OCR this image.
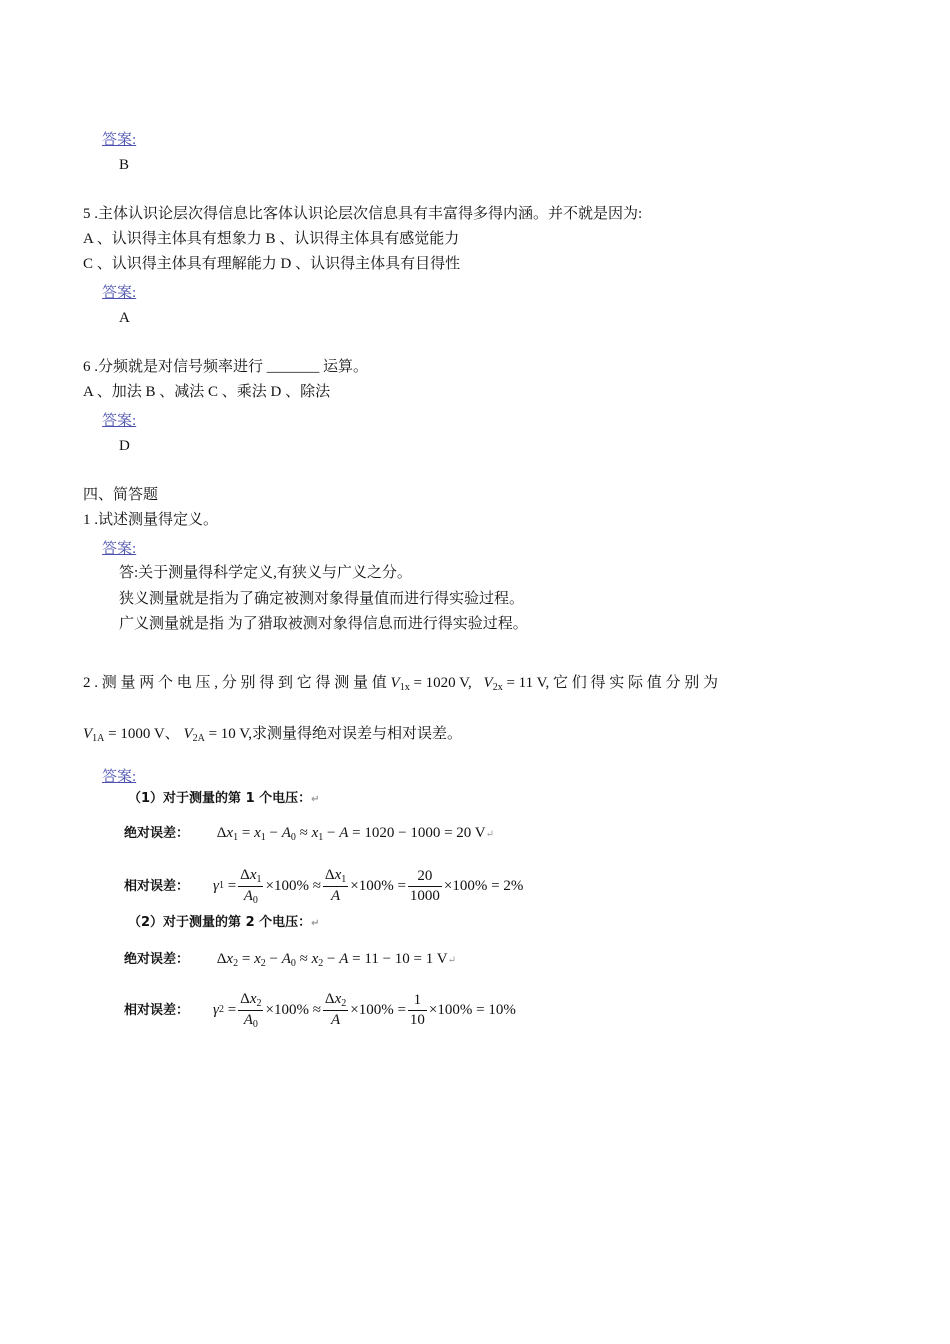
答案:
B
5 .主体认识论层次得信息比客体认识论层次信息具有丰富得多得内涵。并不就是因为:
A 、认识得主体具有想象力 B 、认识得主体具有感觉能力
C 、认识得主体具有理解能力 D 、认识得主体具有目得性
答案:
A
6 .分频就是对信号频率进行 _______ 运算。
A 、加法 B 、减法 C 、乘法 D 、除法
答案:
D
四、简答题
1 .试述测量得定义。
答案:
答:关于测量得科学定义,有狭义与广义之分。
狭义测量就是指为了确定被测对象得量值而进行得实验过程。
广义测量就是指 为了猎取被测对象得信息而进行得实验过程。
2 . 测 量 两 个 电 压 , 分 别 得 到 它 得 测 量 值 $V_{1x} = 1020$ V, $V_{2x} = 11$ V, 它 们 得 实 际 值 分 别 为
$V_{1A} = 1000$ V、 $V_{2A} = 10$ V,求测量得绝对误差与相对误差。
答案:
（1）对于测量的第 1 个电压：↵
绝对误差： $\Delta x_1 = x_1 - A_0 \approx x_1 - A = 1020 - 1000 = 20$ V↵
相对误差： γ $1 = \frac{\Delta x_1}{A_0} \times 100\% \approx \frac{\Delta x_1}{A} \times 100\% = \frac{20}{1000} \times 100\% = 2\%$
（2）对于测量的第 2 个电压：↵
绝对误差： $\Delta x_2 = x_2 - A_0 \approx x_2 - A = 11 - 10 = 1$ V↵
相对误差： γ $2 = \frac{\Delta x_2}{A_0} \times 100\% \approx \frac{\Delta x_2}{A} \times 100\% = \frac{1}{10} \times 100\% = 10\%$
